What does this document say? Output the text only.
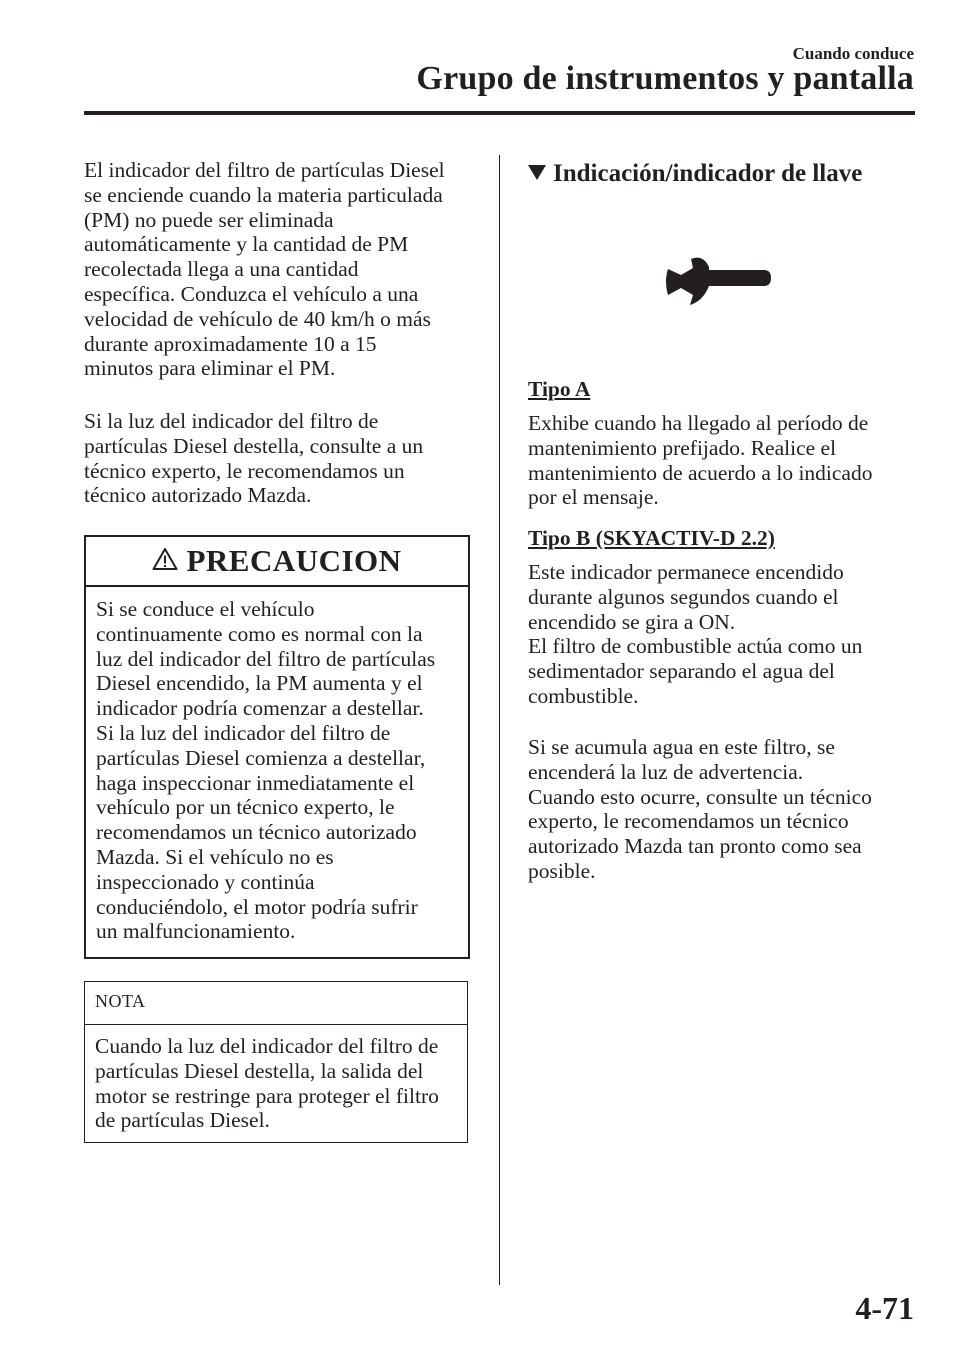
Cuando conduce
Grupo de instrumentos y pantalla

El indicador del filtro de partículas Diesel
se enciende cuando la materia particulada
(PM) no puede ser eliminada
automáticamente y la cantidad de PM
recolectada llega a una cantidad
específica. Conduzca el vehículo a una
velocidad de vehículo de 40 km/h o más
durante aproximadamente 10 a 15
minutos para eliminar el PM.

Si la luz del indicador del filtro de
partículas Diesel destella, consulte a un
técnico experto, le recomendamos un
técnico autorizado Mazda.

PRECAUCION

Si se conduce el vehículo
continuamente como es normal con la
luz del indicador del filtro de partículas
Diesel encendido, la PM aumenta y el
indicador podría comenzar a destellar.
Si la luz del indicador del filtro de
partículas Diesel comienza a destellar,
haga inspeccionar inmediatamente el
vehículo por un técnico experto, le
recomendamos un técnico autorizado
Mazda. Si el vehículo no es
inspeccionado y continúa
conduciéndolo, el motor podría sufrir
un malfuncionamiento.

NOTA

Cuando la luz del indicador del filtro de
partículas Diesel destella, la salida del
motor se restringe para proteger el filtro
de partículas Diesel.

Indicación/indicador de llave
Tipo A

Exhibe cuando ha llegado al período de
mantenimiento prefijado. Realice el
mantenimiento de acuerdo a lo indicado
por el mensaje.

Tipo B (SKYACTIV-D 2.2)

Este indicador permanece encendido
durante algunos segundos cuando el
encendido se gira a ON.
El filtro de combustible actúa como un
sedimentador separando el agua del
combustible.

Si se acumula agua en este filtro, se
encenderá la luz de advertencia.
Cuando esto ocurre, consulte un técnico
experto, le recomendamos un técnico
autorizado Mazda tan pronto como sea
posible.

4-71
